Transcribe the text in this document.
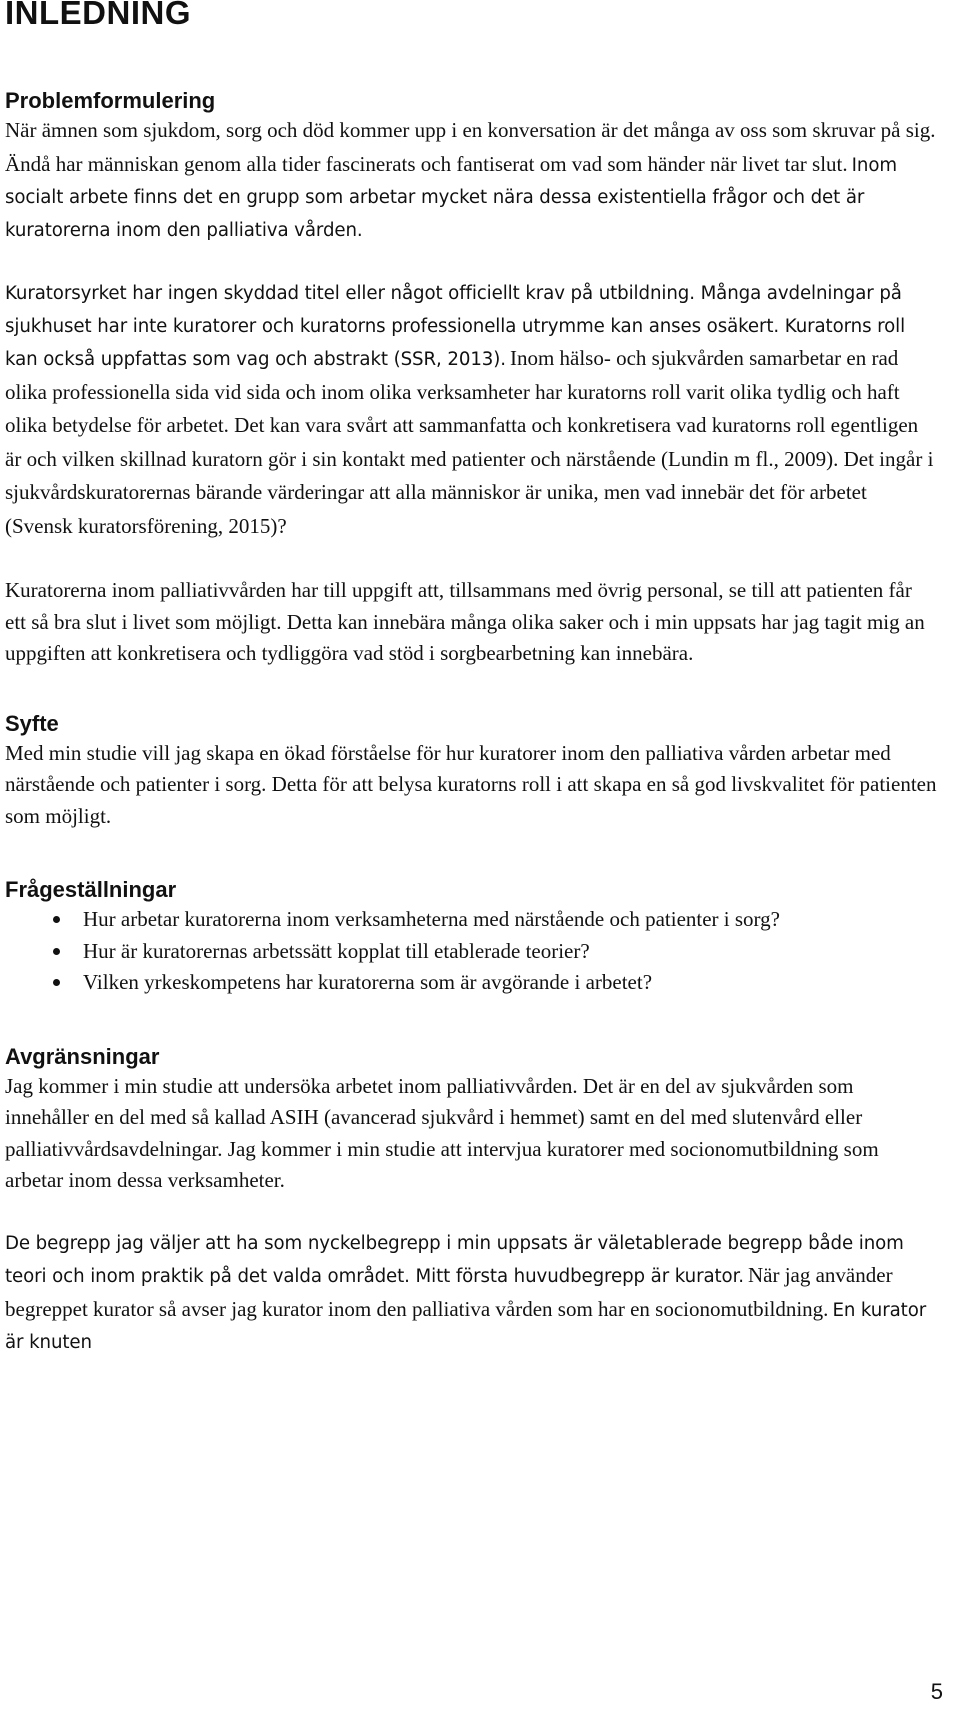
INLEDNING
Problemformulering

När ämnen som sjukdom, sorg och död kommer upp i en konversation är det många av oss som skruvar på sig. Ändå har människan genom alla tider fascinerats och fantiserat om vad som händer när livet tar slut. Inom socialt arbete finns det en grupp som arbetar mycket nära dessa existentiella frågor och det är kuratorerna inom den palliativa vården.

Kuratorsyrket har ingen skyddad titel eller något officiellt krav på utbildning. Många avdelningar på sjukhuset har inte kuratorer och kuratorns professionella utrymme kan anses osäkert. Kuratorns roll kan också uppfattas som vag och abstrakt (SSR, 2013). Inom hälso- och sjukvården samarbetar en rad olika professionella sida vid sida och inom olika verksamheter har kuratorns roll varit olika tydlig och haft olika betydelse för arbetet. Det kan vara svårt att sammanfatta och konkretisera vad kuratorns roll egentligen är och vilken skillnad kuratorn gör i sin kontakt med patienter och närstående (Lundin m fl., 2009). Det ingår i sjukvårdskuratorernas bärande värderingar att alla människor är unika, men vad innebär det för arbetet (Svensk kuratorsförening, 2015)?

Kuratorerna inom palliativvården har till uppgift att, tillsammans med övrig personal, se till att patienten får ett så bra slut i livet som möjligt. Detta kan innebära många olika saker och i min uppsats har jag tagit mig an uppgiften att konkretisera och tydliggöra vad stöd i sorgbearbetning kan innebära.

Syfte

Med min studie vill jag skapa en ökad förståelse för hur kuratorer inom den palliativa vården arbetar med närstående och patienter i sorg. Detta för att belysa kuratorns roll i att skapa en så god livskvalitet för patienten som möjligt.

Frågeställningar
Hur arbetar kuratorerna inom verksamheterna med närstående och patienter i sorg?
Hur är kuratorernas arbetssätt kopplat till etablerade teorier?
Vilken yrkeskompetens har kuratorerna som är avgörande i arbetet?
Avgränsningar

Jag kommer i min studie att undersöka arbetet inom palliativvården. Det är en del av sjukvården som innehåller en del med så kallad ASIH (avancerad sjukvård i hemmet) samt en del med slutenvård eller palliativvårdsavdelningar. Jag kommer i min studie att intervjua kuratorer med socionomutbildning som arbetar inom dessa verksamheter.

De begrepp jag väljer att ha som nyckelbegrepp i min uppsats är väletablerade begrepp både inom teori och inom praktik på det valda området. Mitt första huvudbegrepp är kurator. När jag använder begreppet kurator så avser jag kurator inom den palliativa vården som har en socionomutbildning. En kurator är knuten

5
